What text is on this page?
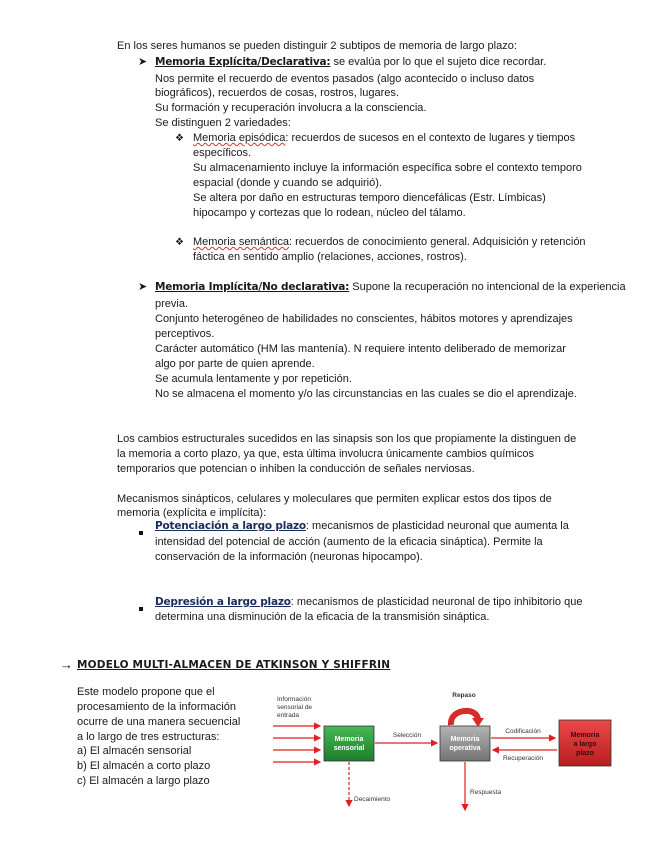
En los seres humanos se pueden distinguir 2 subtipos de memoria de largo plazo:
➤ Memoria Explícita/Declarativa: se evalúa por lo que el sujeto dice recordar.
Nos permite el recuerdo de eventos pasados (algo acontecido o incluso datos
biográficos), recuerdos de cosas, rostros, lugares.
Su formación y recuperación involucra a la consciencia.
Se distinguen 2 variedades:
❖ Memoria episódica: recuerdos de sucesos en el contexto de lugares y tiempos
específicos.
Su almacenamiento incluye la información específica sobre el contexto temporo
espacial (donde y cuando se adquirió).
Se altera por daño en estructuras temporo diencefálicas (Estr. Límbicas)
hipocampo y cortezas que lo rodean, núcleo del tálamo.
❖ Memoria semántica: recuerdos de conocimiento general. Adquisición y retención
fáctica en sentido amplio (relaciones, acciones, rostros).
➤ Memoria Implícita/No declarativa: Supone la recuperación no intencional de la experiencia
previa.
Conjunto heterogéneo de habilidades no conscientes, hábitos motores y aprendizajes
perceptivos.
Carácter automático (HM las mantenía). N requiere intento deliberado de memorizar
algo por parte de quien aprende.
Se acumula lentamente y por repetición.
No se almacena el momento y/o las circunstancias en las cuales se dio el aprendizaje.
Los cambios estructurales sucedidos en las sinapsis son los que propiamente la distinguen de
la memoria a corto plazo, ya que, esta última involucra únicamente cambios químicos
temporarios que potencian o inhiben la conducción de señales nerviosas.
Mecanismos sinápticos, celulares y moleculares que permiten explicar estos dos tipos de
memoria (explícita e implícita):
Potenciación a largo plazo: mecanismos de plasticidad neuronal que aumenta la
intensidad del potencial de acción (aumento de la eficacia sináptica). Permite la
conservación de la información (neuronas hipocampo).
Depresión a largo plazo: mecanismos de plasticidad neuronal de tipo inhibitorio que
determina una disminución de la eficacia de la transmisión sináptica.
→ MODELO MULTI-ALMACEN DE ATKINSON Y SHIFFRIN
Este modelo propone que el
procesamiento de la información
ocurre de una manera secuencial
a lo largo de tres estructuras:
a) El almacén sensorial
b) El almacén a corto plazo
c) El almacén a largo plazo
Información
sensorial de
entrada
Memoria
sensorial
Selección
Decaimiento
Repaso
Memoria
operativa
Respuesta
Codificación
Recuperación
Memoria
a largo
plazo
